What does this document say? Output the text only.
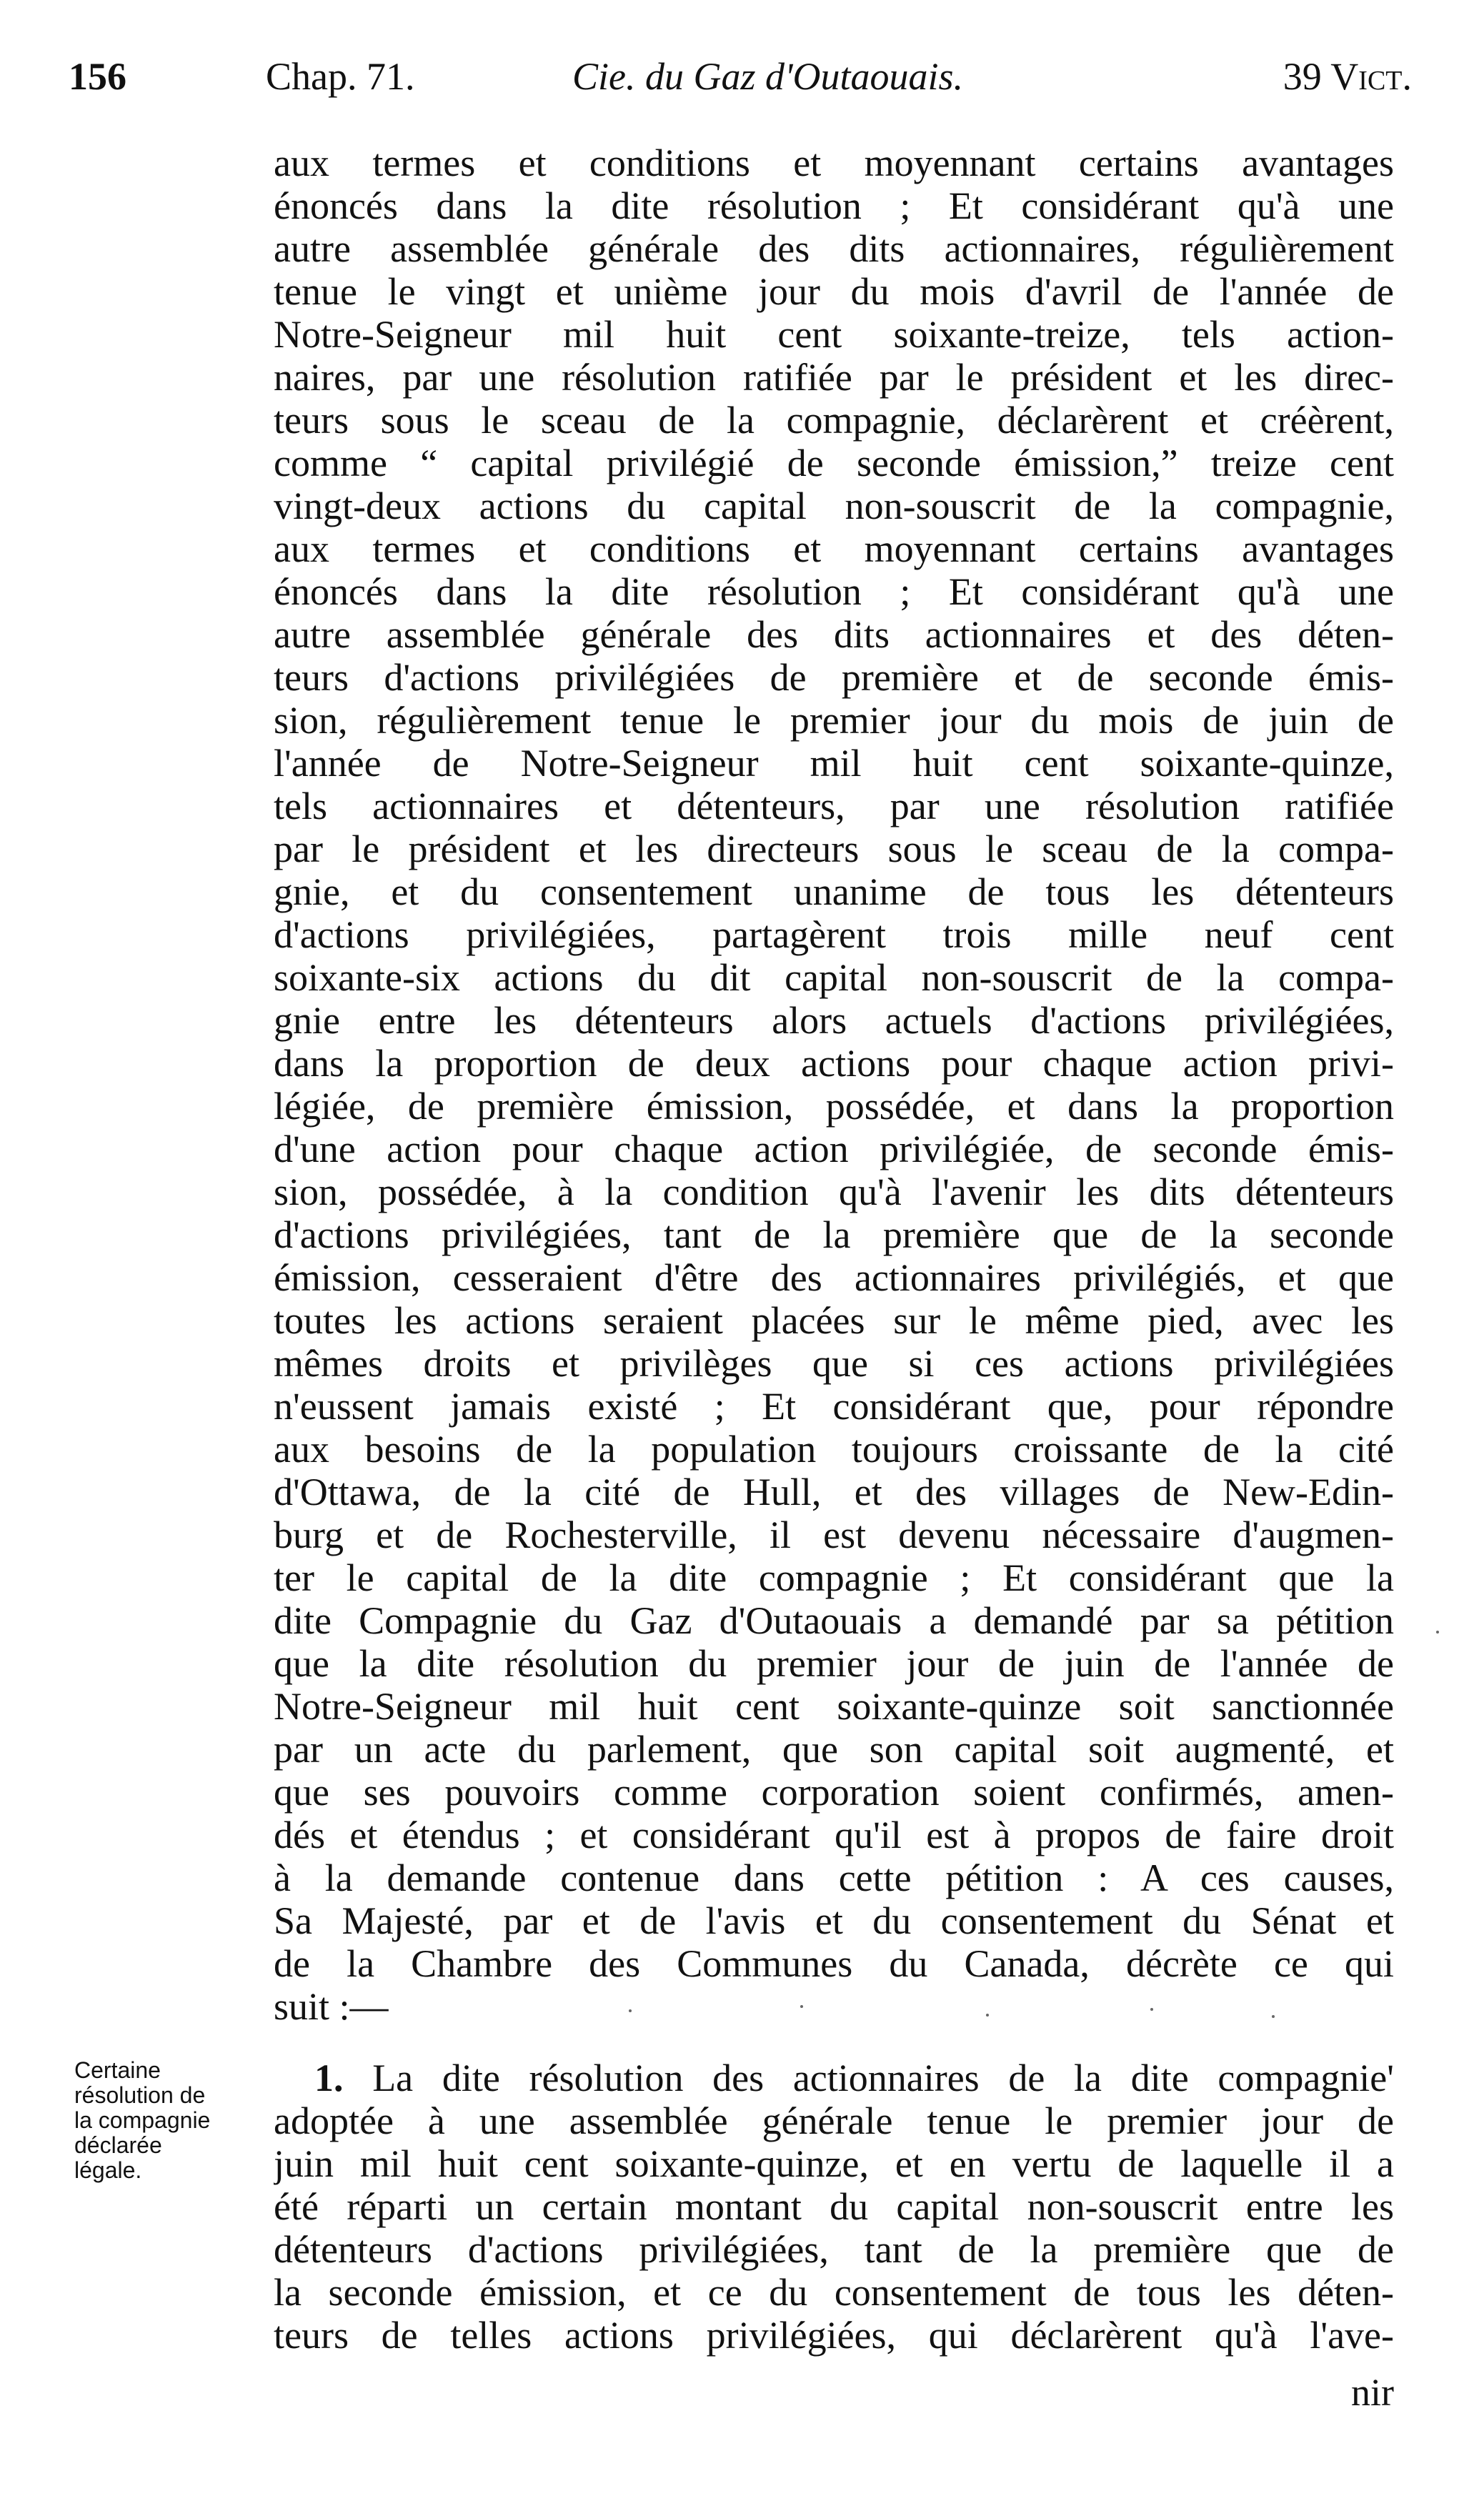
156	Chap. 71.	Cie. du Gaz d'Outaouais.	39 Vict.
aux termes et conditions et moyennant certains avantages
énoncés dans la dite résolution ; Et considérant qu'à une
autre assemblée générale des dits actionnaires, régulièrement
tenue le vingt et unième jour du mois d'avril de l'année de
Notre-Seigneur mil huit cent soixante-treize, tels action-
naires, par une résolution ratifiée par le président et les direc-
teurs sous le sceau de la compagnie, déclarèrent et créèrent,
comme “ capital privilégié de seconde émission,” treize cent
vingt-deux actions du capital non-souscrit de la compagnie,
aux termes et conditions et moyennant certains avantages
énoncés dans la dite résolution ; Et considérant qu'à une
autre assemblée générale des dits actionnaires et des déten-
teurs d'actions privilégiées de première et de seconde émis-
sion, régulièrement tenue le premier jour du mois de juin de
l'année de Notre-Seigneur mil huit cent soixante-quinze,
tels actionnaires et détenteurs, par une résolution ratifiée
par le président et les directeurs sous le sceau de la compa-
gnie, et du consentement unanime de tous les détenteurs
d'actions privilégiées, partagèrent trois mille neuf cent
soixante-six actions du dit capital non-souscrit de la compa-
gnie entre les détenteurs alors actuels d'actions privilégiées,
dans la proportion de deux actions pour chaque action privi-
légiée, de première émission, possédée, et dans la proportion
d'une action pour chaque action privilégiée, de seconde émis-
sion, possédée, à la condition qu'à l'avenir les dits détenteurs
d'actions privilégiées, tant de la première que de la seconde
émission, cesseraient d'être des actionnaires privilégiés, et que
toutes les actions seraient placées sur le même pied, avec les
mêmes droits et privilèges que si ces actions privilégiées
n'eussent jamais existé ; Et considérant que, pour répondre
aux besoins de la population toujours croissante de la cité
d'Ottawa, de la cité de Hull, et des villages de New-Edin-
burg et de Rochesterville, il est devenu nécessaire d'augmen-
ter le capital de la dite compagnie ; Et considérant que la
dite Compagnie du Gaz d'Outaouais a demandé par sa pétition
que la dite résolution du premier jour de juin de l'année de
Notre-Seigneur mil huit cent soixante-quinze soit sanctionnée
par un acte du parlement, que son capital soit augmenté, et
que ses pouvoirs comme corporation soient confirmés, amen-
dés et étendus ; et considérant qu'il est à propos de faire droit
à la demande contenue dans cette pétition : A ces causes,
Sa Majesté, par et de l'avis et du consentement du Sénat et
de la Chambre des Communes du Canada, décrète ce qui
suit :—
Certaine
résolution de
la compagnie
déclarée
légale.
1. La dite résolution des actionnaires de la dite compagnie'
adoptée à une assemblée générale tenue le premier jour de
juin mil huit cent soixante-quinze, et en vertu de laquelle il a
été réparti un certain montant du capital non-souscrit entre les
détenteurs d'actions privilégiées, tant de la première que de
la seconde émission, et ce du consentement de tous les déten-
teurs de telles actions privilégiées, qui déclarèrent qu'à l'ave-
nir
